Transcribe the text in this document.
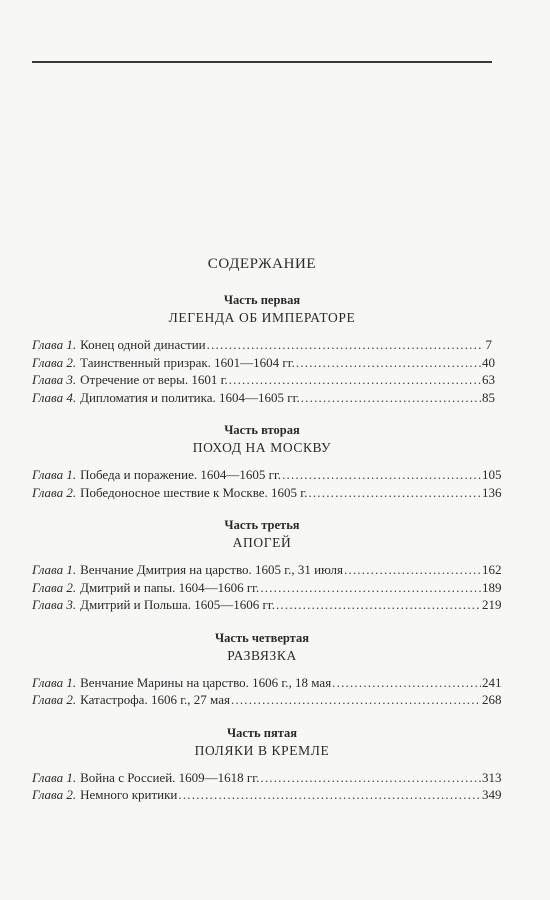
СОДЕРЖАНИЕ
Часть первая
ЛЕГЕНДА ОБ ИМПЕРАТОРЕ
Глава 1. Конец одной династии .....	7
Глава 2. Таинственный призрак. 1601—1604 гг. .....	40
Глава 3. Отречение от веры. 1601 г. .....	63
Глава 4. Дипломатия и политика. 1604—1605 гг. .....	85
Часть вторая
ПОХОД НА МОСКВУ
Глава 1. Победа и поражение. 1604—1605 гг. .....	105
Глава 2. Победоносное шествие к Москве. 1605 г. .....	136
Часть третья
АПОГЕЙ
Глава 1. Венчание Дмитрия на царство. 1605 г., 31 июля .....	162
Глава 2. Дмитрий и папы. 1604—1606 гг. .....	189
Глава 3. Дмитрий и Польша. 1605—1606 гг. .....	219
Часть четвертая
РАЗВЯЗКА
Глава 1. Венчание Марины на царство. 1606 г., 18 мая .....	241
Глава 2. Катастрофа. 1606 г., 27 мая .....	268
Часть пятая
ПОЛЯКИ В КРЕМЛЕ
Глава 1. Война с Россией. 1609—1618 гг. .....	313
Глава 2. Немного критики .....	349
